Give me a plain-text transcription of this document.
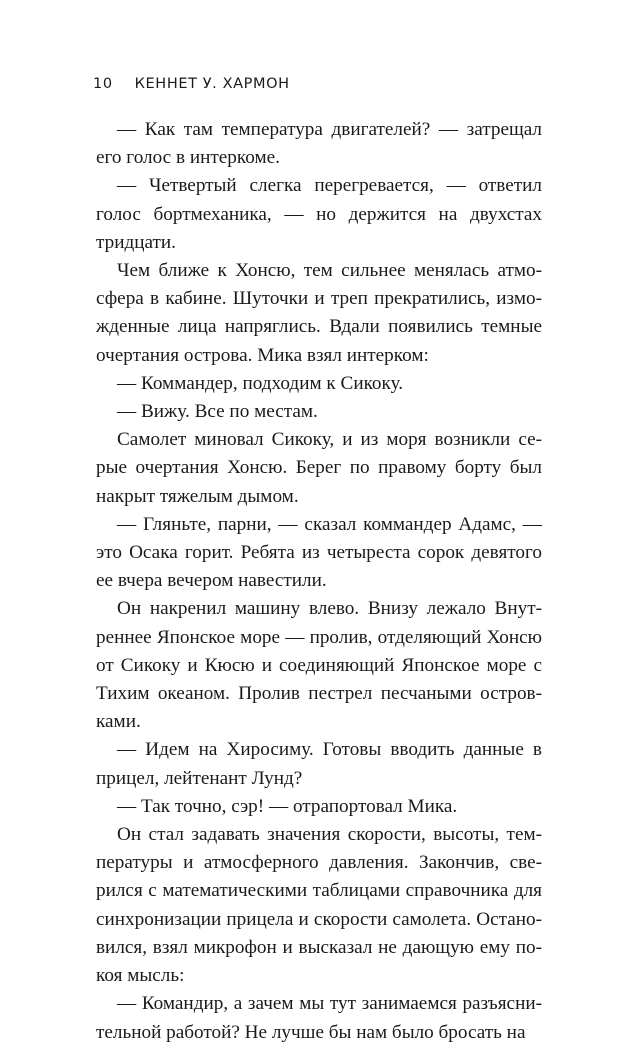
10 КЕННЕТ У. ХАРМОН

— Как там температура двигателей? — затрещал его голос в интеркоме.

— Четвертый слегка перегревается, — ответил голос бортмеханика, — но держится на двухстах тридцати.

Чем ближе к Хонсю, тем сильнее менялась атмосфера в кабине. Шуточки и треп прекратились, изможденные лица напряглись. Вдали появились темные очертания острова. Мика взял интерком:

— Коммандер, подходим к Сикоку.

— Вижу. Все по местам.

Самолет миновал Сикоку, и из моря возникли серые очертания Хонсю. Берег по правому борту был накрыт тяжелым дымом.

— Гляньте, парни, — сказал коммандер Адамс, — это Осака горит. Ребята из четыреста сорок девятого ее вчера вечером навестили.

Он накренил машину влево. Внизу лежало Внутреннее Японское море — пролив, отделяющий Хонсю от Сикоку и Кюсю и соединяющий Японское море с Тихим океаном. Пролив пестрел песчаными островками.

— Идем на Хиросиму. Готовы вводить данные в прицел, лейтенант Лунд?

— Так точно, сэр! — отрапортовал Мика.

Он стал задавать значения скорости, высоты, температуры и атмосферного давления. Закончив, сверился с математическими таблицами справочника для синхронизации прицела и скорости самолета. Остановился, взял микрофон и высказал не дающую ему покоя мысль:

— Командир, а зачем мы тут занимаемся разъяснительной работой? Не лучше бы нам было бросать на
